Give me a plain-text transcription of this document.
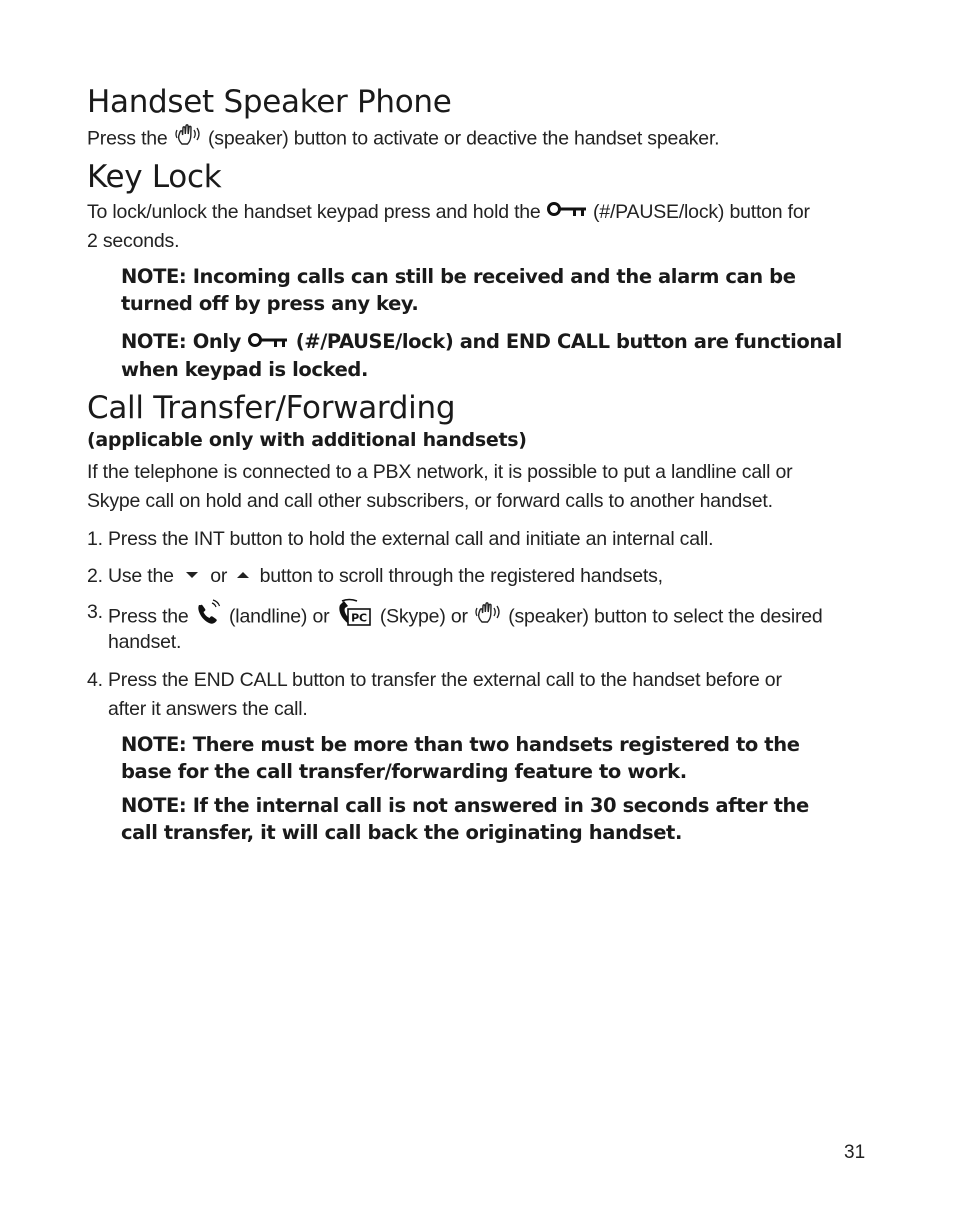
Handset Speaker Phone

Press the (speaker) button to activate or deactive the handset speaker.

Key Lock

To lock/unlock the handset keypad press and hold the	(#/PAUSE/lock) button for

2 seconds.

NOTE: Incoming calls can still be received and the alarm can be

turned off by press any key.

NOTE: Only	(#/PAUSE/lock) and END CALL button are functional

when keypad is locked.

Call Transfer/Forwarding

(applicable only with additional handsets)

If the telephone is connected to a PBX network, it is possible to put a landline call or

Skype call on hold and call other subscribers, or forward calls to another handset.

1. Press the INT button to hold the external call and initiate an internal call.
2. Use the or button to scroll through the registered handsets,
3. Press the (landline) or PC (Skype) or (speaker) button to select the desired

handset.

4. Press the END CALL button to transfer the external call to the handset before or

after it answers the call.

NOTE: There must be more than two handsets registered to the

base for the call transfer/forwarding feature to work.

NOTE: If the internal call is not answered in 30 seconds after the

call transfer, it will call back the originating handset.

31
